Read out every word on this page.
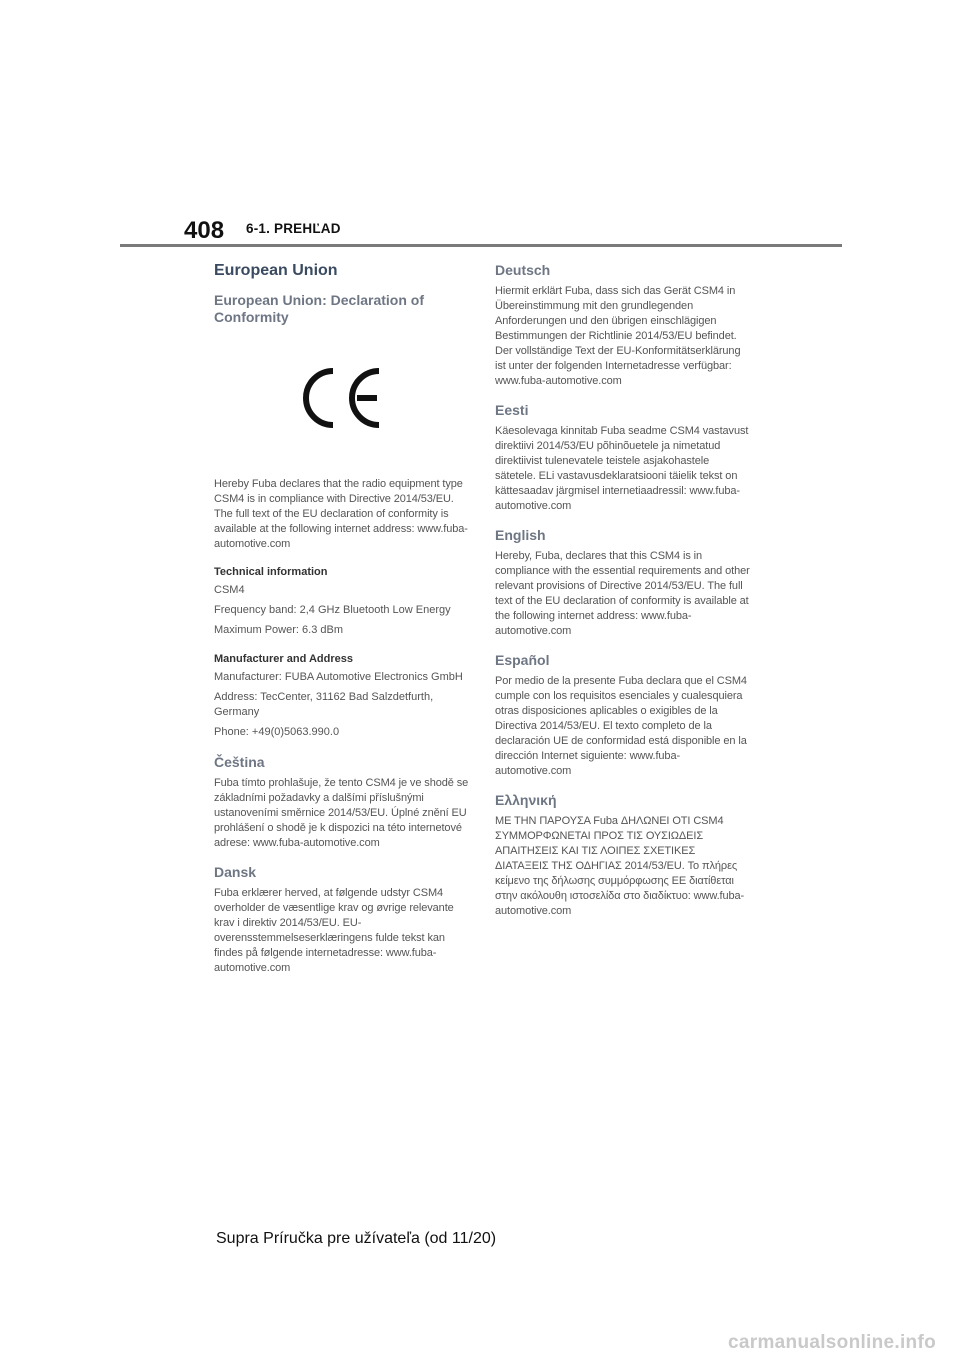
408 6-1. PREHĽAD
European Union
European Union: Declaration of Conformity
Hereby Fuba declares that the radio equipment type CSM4 is in compliance with Directive 2014/53/EU. The full text of the EU declaration of conformity is available at the following internet address: www.fuba-automotive.com
Technical information
CSM4
Frequency band: 2,4 GHz Bluetooth Low Energy
Maximum Power: 6.3 dBm
Manufacturer and Address
Manufacturer: FUBA Automotive Electronics GmbH
Address: TecCenter, 31162 Bad Salzdetfurth, Germany
Phone: +49(0)5063.990.0
Čeština
Fuba tímto prohlašuje, že tento CSM4 je ve shodě se základními požadavky a dalšími příslušnými ustanoveními směrnice 2014/53/EU. Úplné znění EU prohlášení o shodě je k dispozici na této internetové adrese: www.fuba-automotive.com
Dansk
Fuba erklærer herved, at følgende udstyr CSM4 overholder de væsentlige krav og øvrige relevante krav i direktiv 2014/53/EU. EU-overensstemmelseserklæringens fulde tekst kan findes på følgende internetadresse: www.fuba-automotive.com
Deutsch
Hiermit erklärt Fuba, dass sich das Gerät CSM4 in Übereinstimmung mit den grundlegenden Anforderungen und den übrigen einschlägigen Bestimmungen der Richtlinie 2014/53/EU befindet. Der vollständige Text der EU-Konformitätserklärung ist unter der folgenden Internetadresse verfügbar: www.fuba-automotive.com
Eesti
Käesolevaga kinnitab Fuba seadme CSM4 vastavust direktiivi 2014/53/EU põhinõuetele ja nimetatud direktiivist tulenevatele teistele asjakohastele sätetele. ELi vastavusdeklaratsiooni täielik tekst on kättesaadav järgmisel internetiaadressil: www.fuba-automotive.com
English
Hereby, Fuba, declares that this CSM4 is in compliance with the essential requirements and other relevant provisions of Directive 2014/53/EU. The full text of the EU declaration of conformity is available at the following internet address: www.fuba-automotive.com
Español
Por medio de la presente Fuba declara que el CSM4 cumple con los requisitos esenciales y cualesquiera otras disposiciones aplicables o exigibles de la Directiva 2014/53/EU. El texto completo de la declaración UE de conformidad está disponible en la dirección Internet siguiente: www.fuba-automotive.com
Ελληνική
ΜΕ ΤΗΝ ΠΑΡΟΥΣΑ Fuba ΔΗΛΩΝΕΙ ΟΤΙ CSM4 ΣΥΜΜΟΡΦΩΝΕΤΑΙ ΠΡΟΣ ΤΙΣ ΟΥΣΙΩΔΕΙΣ ΑΠΑΙΤΗΣΕΙΣ ΚΑΙ ΤΙΣ ΛΟΙΠΕΣ ΣΧΕΤΙΚΕΣ ΔΙΑΤΑΞΕΙΣ ΤΗΣ ΟΔΗΓΙΑΣ 2014/53/EU. Το πλήρες κείμενο της δήλωσης συμμόρφωσης ΕΕ διατίθεται στην ακόλουθη ιστοσελίδα στο διαδίκτυο: www.fuba-automotive.com
Supra Príručka pre užívateľa (od 11/20)
carmanualsonline.info
